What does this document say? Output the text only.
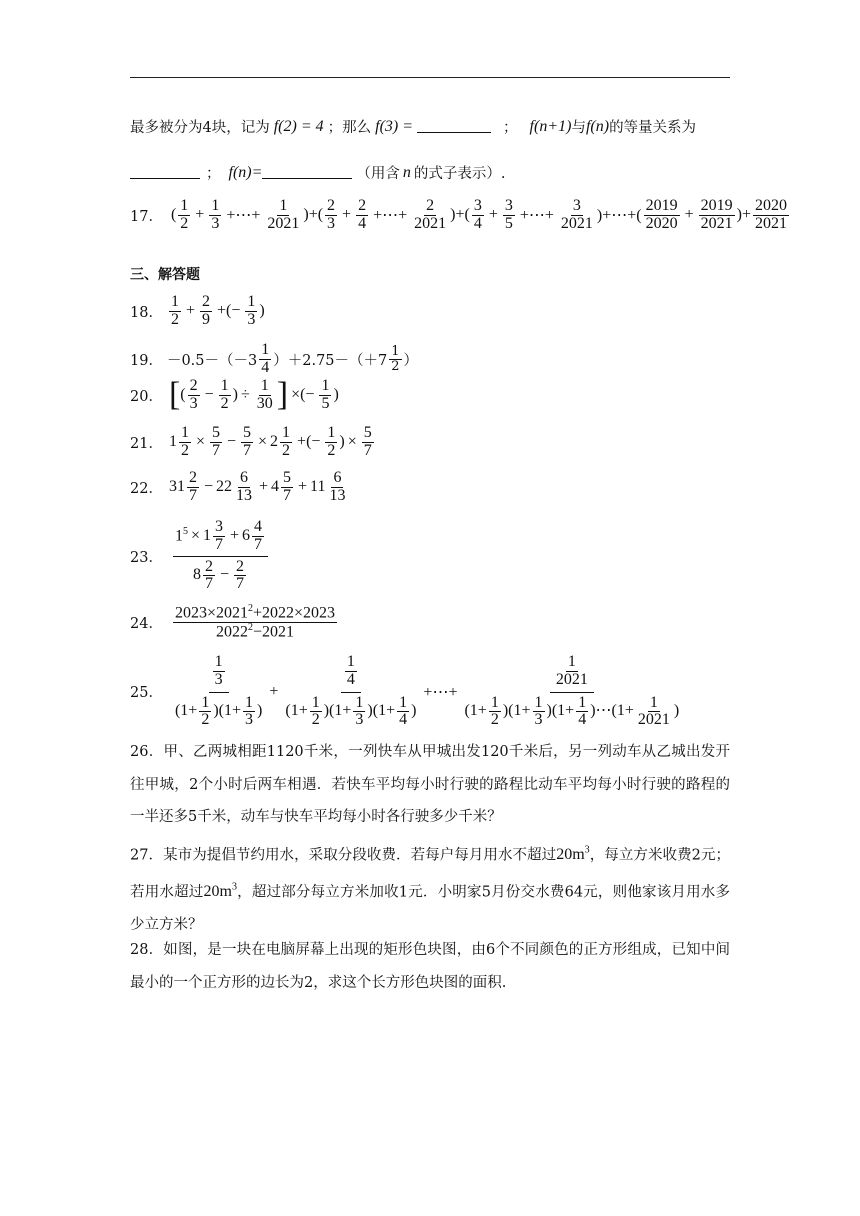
最多被分为4块，记为 f(2) = 4 ；那么 f(3) =	； f(n+1) 与 f(n) 的等量关系为
； f(n)=	（用含 n 的式子表示）.
17． ( $\frac{1}{2} + \frac{1}{3}$ +⋯+ $\frac{1}{2021}$ )+( $\frac{2}{3} + \frac{2}{4}$ +⋯+ $\frac{2}{2021}$ )+( $\frac{3}{4} + \frac{3}{5}$ +⋯+ $\frac{3}{2021}$ )+⋯+( $\frac{2019}{2020} + \frac{2019}{2021}$ )+ $\frac{2020}{2021}$
三、解答题
18． $\frac{1}{2} + \frac{2}{9}$ +(− $\frac{1}{3}$ )
19． $-0.5-(-3 \frac{1}{4} )+2.75-(+7 \frac{1}{2}$ ）
20． [ ( $\frac{2}{3} - \frac{1}{2}$ ) ÷ $\frac{1}{30}$ ] ×(− $\frac{1}{5}$ )
21． $1 \frac{1}{2} \times \frac{5}{7} - \frac{5}{7} \times 2 \frac{1}{2}$ +(− $\frac{1}{2}$ ) × $\frac{5}{7}$
22． $31 \frac{2}{7} - 22 \frac{6}{13} + 4 \frac{5}{7} + 11 \frac{6}{13}$
23． $\frac{1^5 \times 1 \frac{3}{7} + 6 \frac{4}{7}}{8 \frac{2}{7} - \frac{2}{7}}$
24． $\frac{2023\times 2021^2+2022\times 2023}{2022^2-2021}$
25． $\frac{\frac{1}{3}}{(1+ \frac{1}{2} )(1+ \frac{1}{3} )} + \frac{\frac{1}{4}}{(1+ \frac{1}{2} )(1+ \frac{1}{3} )(1+ \frac{1}{4} )}$ +⋯+ $\frac{\frac{1}{2021}}{(1+ \frac{1}{2} )(1+ \frac{1}{3} )(1+ \frac{1}{4} )\cdots(1+ \frac{1}{2021} )}$
26．甲、乙两城相距1120千米，一列快车从甲城出发120千米后，另一列动车从乙城出发开往甲城，2个小时后两车相遇．若快车平均每小时行驶的路程比动车平均每小时行驶的路程的一半还多5千米，动车与快车平均每小时各行驶多少千米？
27．某市为提倡节约用水，采取分段收费．若每户每月用水不超过$20m^3$，每立方米收费2元；若用水超过$20m^3$，超过部分每立方米加收1元．小明家5月份交水费64元，则他家该月用水多少立方米？
28．如图，是一块在电脑屏幕上出现的矩形色块图，由6个不同颜色的正方形组成，已知中间最小的一个正方形的边长为2，求这个长方形色块图的面积.
